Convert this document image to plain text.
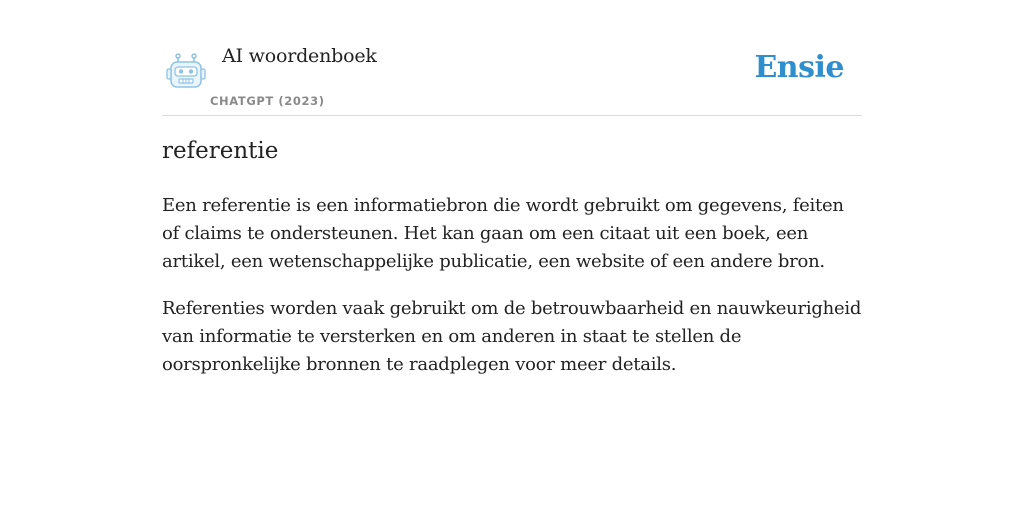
AI woordenboek
CHATGPT (2023)
Ensie
referentie

Een referentie is een informatiebron die wordt gebruikt om gegevens, feiten of claims te ondersteunen. Het kan gaan om een citaat uit een boek, een artikel, een wetenschappelijke publicatie, een website of een andere bron.

Referenties worden vaak gebruikt om de betrouwbaarheid en nauwkeurigheid van informatie te versterken en om anderen in staat te stellen de oorspronkelijke bronnen te raadplegen voor meer details.
